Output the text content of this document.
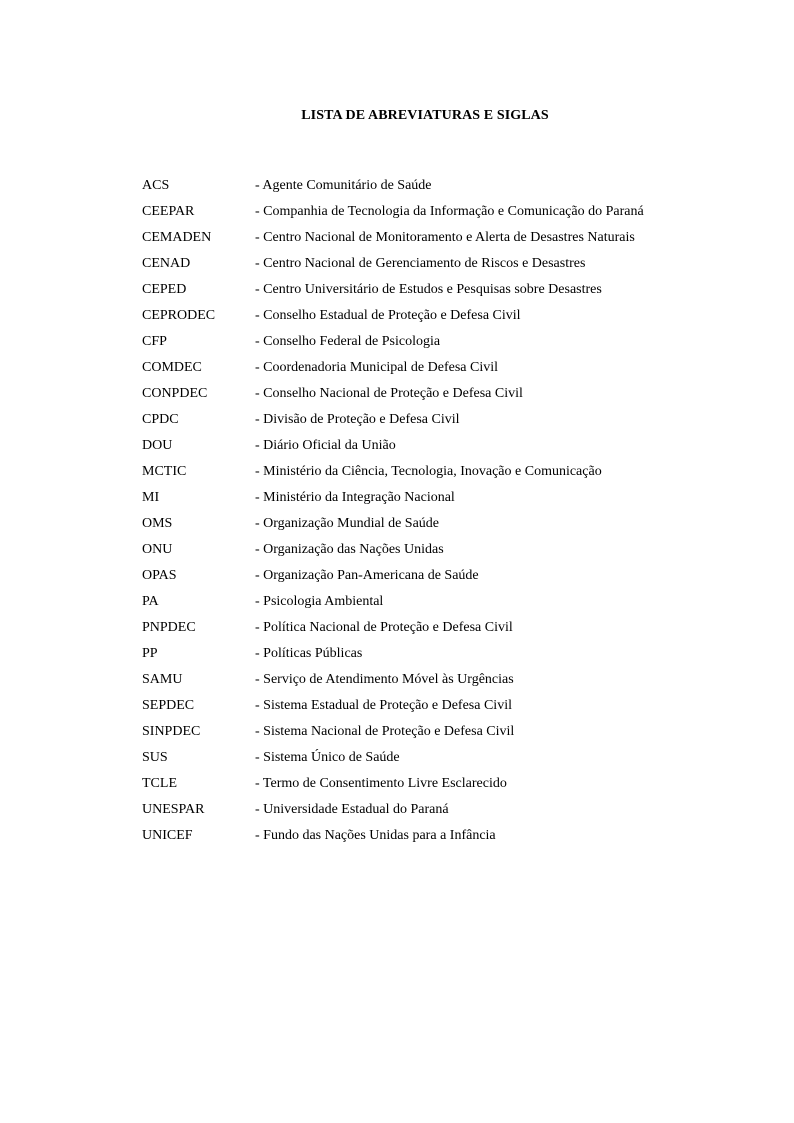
LISTA DE ABREVIATURAS E SIGLAS
ACS	- Agente Comunitário de Saúde
CEEPAR	- Companhia de Tecnologia da Informação e Comunicação do Paraná
CEMADEN	- Centro Nacional de Monitoramento e Alerta de Desastres Naturais
CENAD	- Centro Nacional de Gerenciamento de Riscos e Desastres
CEPED	- Centro Universitário de Estudos e Pesquisas sobre Desastres
CEPRODEC	- Conselho Estadual de Proteção e Defesa Civil
CFP	- Conselho Federal de Psicologia
COMDEC	- Coordenadoria Municipal de Defesa Civil
CONPDEC	- Conselho Nacional de Proteção e Defesa Civil
CPDC	- Divisão de Proteção e Defesa Civil
DOU	- Diário Oficial da União
MCTIC	- Ministério da Ciência, Tecnologia, Inovação e Comunicação
MI	- Ministério da Integração Nacional
OMS	- Organização Mundial de Saúde
ONU	- Organização das Nações Unidas
OPAS	- Organização Pan-Americana de Saúde
PA	- Psicologia Ambiental
PNPDEC	- Política Nacional de Proteção e Defesa Civil
PP	- Políticas Públicas
SAMU	- Serviço de Atendimento Móvel às Urgências
SEPDEC	- Sistema Estadual de Proteção e Defesa Civil
SINPDEC	- Sistema Nacional de Proteção e Defesa Civil
SUS	- Sistema Único de Saúde
TCLE	- Termo de Consentimento Livre Esclarecido
UNESPAR	- Universidade Estadual do Paraná
UNICEF	- Fundo das Nações Unidas para a Infância
